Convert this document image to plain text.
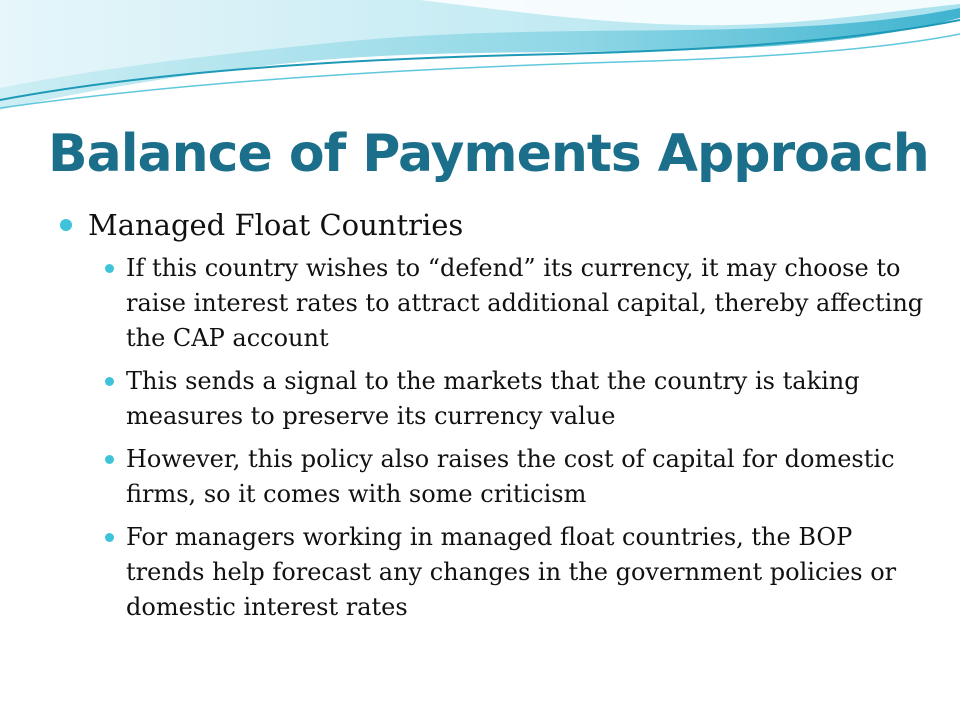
Balance of Payments Approach
Managed Float Countries
If this country wishes to “defend” its currency, it may choose to raise interest rates to attract additional capital, thereby affecting the CAP account
This sends a signal to the markets that the country is taking measures to preserve its currency value
However, this policy also raises the cost of capital for domestic firms, so it comes with some criticism
For managers working in managed float countries, the BOP trends help forecast any changes in the government policies or domestic interest rates
